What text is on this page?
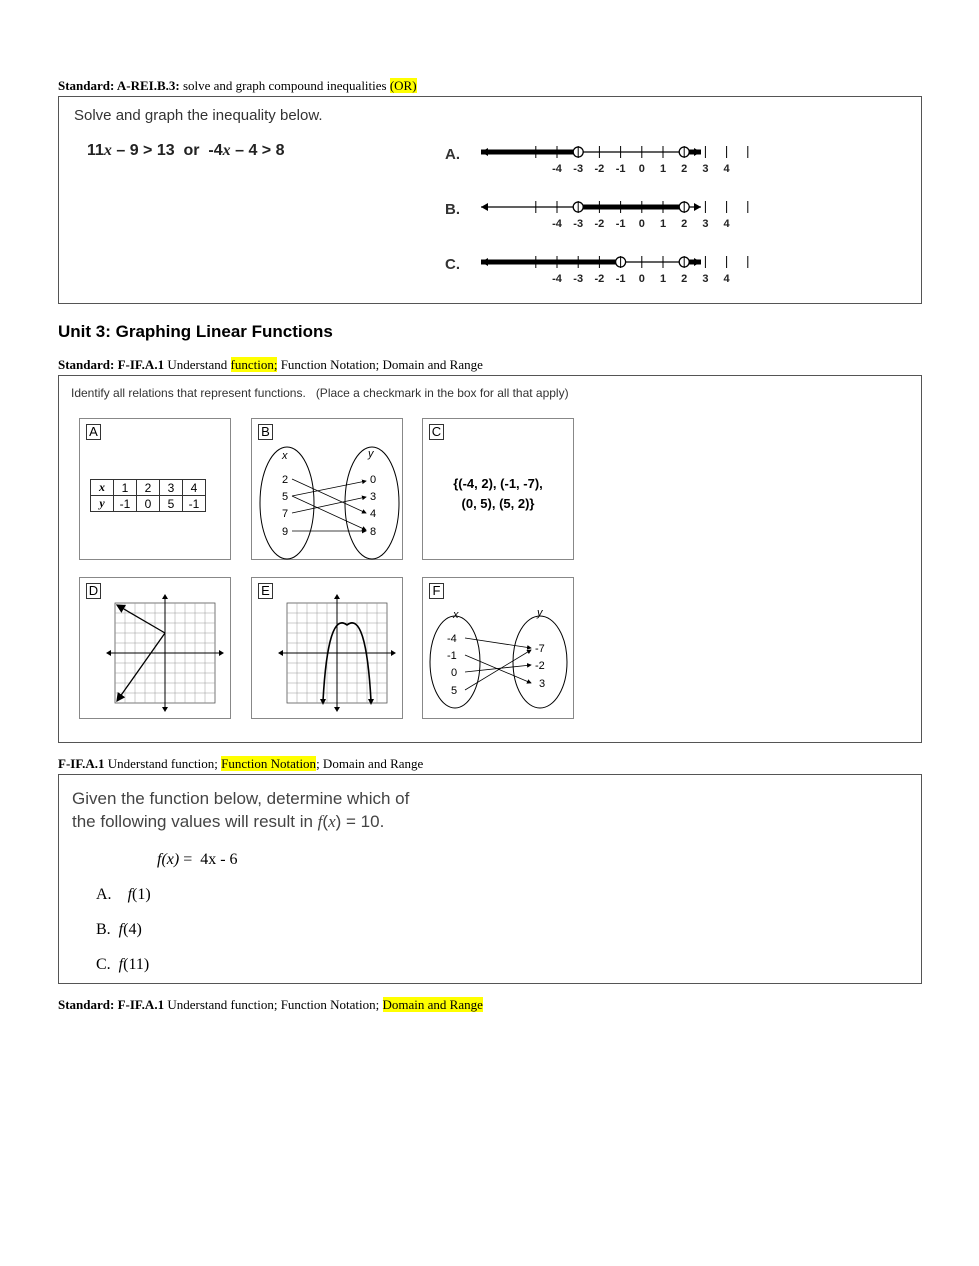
Standard: A-REI.B.3: solve and graph compound inequalities (OR)
Solve and graph the inequality below.
11x – 9 > 13  or  -4x – 4 > 8	A.
-4 -3 -2 -1 0 1 2 3 4
B.
-4 -3 -2 -1 0 1 2 3 4
C.
-4 -3 -2 -1 0 1 2 3 4
Unit 3: Graphing Linear Functions
Standard: F-IF.A.1 Understand function; Function Notation; Domain and Range
Identify all relations that represent functions. (Place a checkmark in the box for all that apply)
A
x	1	2	3	4
y	-1	0	5	-1
B
x	y
2
5
7
9
0
3
4
8
C
{(-4, 2), (-1, -7),
(0, 5), (5, 2)}
D	E	F
x	y
-4
-1
0
5
-7
-2
3
F-IF.A.1 Understand function; Function Notation; Domain and Range
Given the function below, determine which of
the following values will result in f(x) = 10.
f(x) =  4x - 6
A. f(1)
B. f(4)
C. f(11)
Standard: F-IF.A.1 Understand function; Function Notation; Domain and Range
